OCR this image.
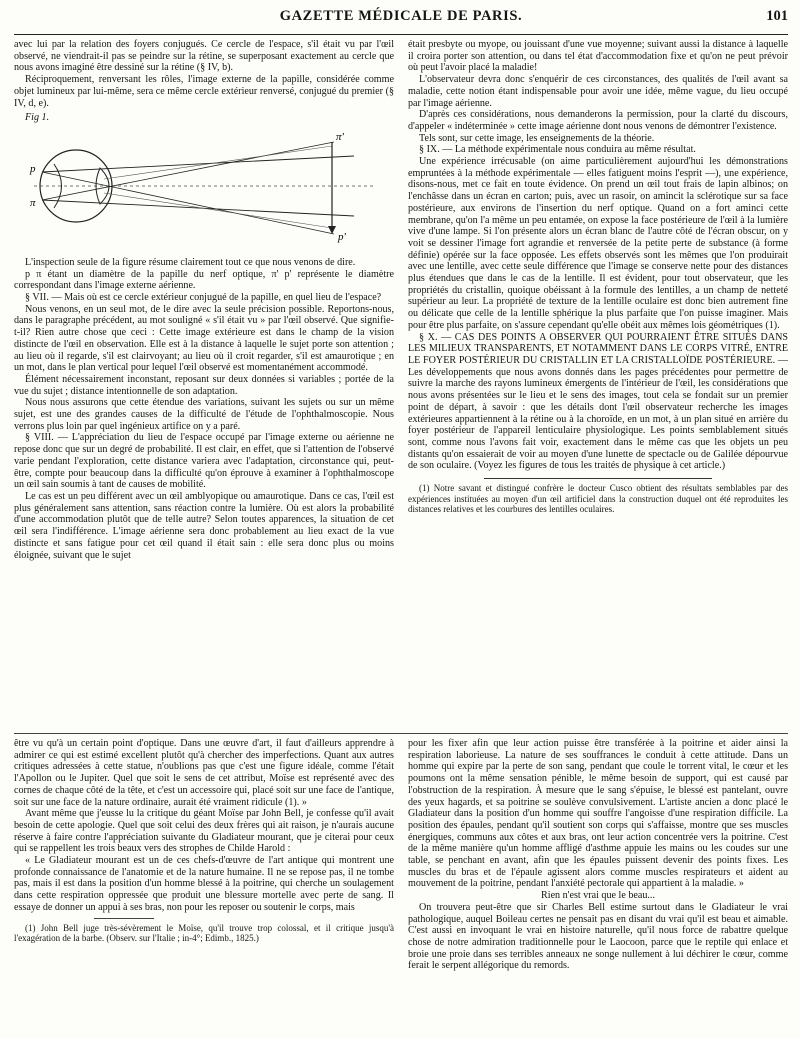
GAZETTE MÉDICALE DE PARIS.	101

avec lui par la relation des foyers conjugués. Ce cercle de l'espace, s'il était vu par l'œil observé, ne viendrait-il pas se peindre sur la rétine, se superposant exactement au cercle que nous avons imaginé être dessiné sur la rétine (§ IV, b).

Réciproquement, renversant les rôles, l'image externe de la papille, considérée comme objet lumineux par lui-même, sera ce même cercle extérieur renversé, conjugué du premier (§ IV, d, e).

Fig 1.

p
π'
π
p'

L'inspection seule de la figure résume clairement tout ce que nous venons de dire.

p π étant un diamètre de la papille du nerf optique, π' p' représente le diamètre correspondant dans l'image externe aérienne.

§ VII. — Mais où est ce cercle extérieur conjugué de la papille, en quel lieu de l'espace?

Nous venons, en un seul mot, de le dire avec la seule précision possible. Reportons-nous, dans le paragraphe précédent, au mot souligné « s'il était vu » par l'œil observé. Que signifie-t-il? Rien autre chose que ceci : Cette image extérieure est dans le champ de la vision distincte de l'œil en observation. Elle est à la distance à laquelle le sujet porte son attention ; au lieu où il regarde, s'il est clairvoyant; au lieu où il croit regarder, s'il est amaurotique ; en un mot, dans le plan vertical pour lequel l'œil observé est momentanément accommodé.

Élément nécessairement inconstant, reposant sur deux données si variables ; portée de la vue du sujet ; distance intentionnelle de son adaptation.

Nous nous assurons que cette étendue des variations, suivant les sujets ou sur un même sujet, est une des grandes causes de la difficulté de l'étude de l'ophthalmoscopie. Nous verrons plus loin par quel ingénieux artifice on y a paré.

§ VIII. — L'appréciation du lieu de l'espace occupé par l'image externe ou aérienne ne repose donc que sur un degré de probabilité. Il est clair, en effet, que si l'attention de l'observé varie pendant l'exploration, cette distance variera avec l'adaptation, circonstance qui, peut-être, compte pour beaucoup dans la difficulté qu'on éprouve à examiner à l'ophthalmoscope un œil sain soumis à tant de causes de mobilité.

Le cas est un peu différent avec un œil amblyopique ou amaurotique. Dans ce cas, l'œil est plus généralement sans attention, sans réaction contre la lumière. Où est alors la probabilité d'une accommodation plutôt que de telle autre? Selon toutes apparences, la situation de cet œil sera l'indifférence. L'image aérienne sera donc probablement au lieu exact de la vue distincte et sans fatigue pour cet œil quand il était sain : elle sera donc plus ou moins éloignée, suivant que le sujet

était presbyte ou myope, ou jouissant d'une vue moyenne; suivant aussi la distance à laquelle il croira porter son attention, ou dans tel état d'accommodation fixe et qu'on ne peut prévoir où peut l'avoir placé la maladie!

L'observateur devra donc s'enquérir de ces circonstances, des qualités de l'œil avant sa maladie, cette notion étant indispensable pour avoir une idée, même vague, du lieu occupé par l'image aérienne.

D'après ces considérations, nous demanderons la permission, pour la clarté du discours, d'appeler « indéterminée » cette image aérienne dont nous venons de démontrer l'existence.

Tels sont, sur cette image, les enseignements de la théorie.

§ IX. — La méthode expérimentale nous conduira au même résultat.

Une expérience irrécusable (on aime particulièrement aujourd'hui les démonstrations empruntées à la méthode expérimentale — elles fatiguent moins l'esprit —), une expérience, disons-nous, met ce fait en toute évidence. On prend un œil tout frais de lapin albinos; on l'enchâsse dans un écran en carton; puis, avec un rasoir, on amincit la sclérotique sur sa face postérieure, aux environs de l'insertion du nerf optique. Quand on a fort aminci cette membrane, qu'on l'a même un peu entamée, on expose la face postérieure de l'œil à la lumière vive d'une lampe. Si l'on présente alors un écran blanc de l'autre côté de l'écran obscur, on y voit se dessiner l'image fort agrandie et renversée de la petite perte de substance (à forme définie) opérée sur la face opposée. Les effets observés sont les mêmes que l'on produirait avec une lentille, avec cette seule différence que l'image se conserve nette pour des distances plus étendues que dans le cas de la lentille. Il est évident, pour tout observateur, que les propriétés du cristallin, quoique obéissant à la formule des lentilles, a un champ de netteté supérieur au leur. La propriété de texture de la lentille oculaire est donc bien autrement fine ou délicate que celle de la lentille sphérique la plus parfaite que l'on puisse imaginer. Mais pour être plus parfaite, on s'assure cependant qu'elle obéit aux mêmes lois géométriques (1).

§ X. — CAS DES POINTS A OBSERVER QUI POURRAIENT ÊTRE SITUÉS DANS LES MILIEUX TRANSPARENTS, ET NOTAMMENT DANS LE CORPS VITRÉ, ENTRE LE FOYER POSTÉRIEUR DU CRISTALLIN ET LA CRISTALLOÏDE POSTÉRIEURE. — Les développements que nous avons donnés dans les pages précédentes pour permettre de suivre la marche des rayons lumineux émergents de l'intérieur de l'œil, les considérations que nous avons présentées sur le lieu et le sens des images, tout cela se fondait sur un premier point de départ, à savoir : que les détails dont l'œil observateur recherche les images extérieures appartiennent à la rétine ou à la choroïde, en un mot, à un plan situé en arrière du foyer postérieur de l'appareil lenticulaire physiologique. Les points semblablement situés sont, comme nous l'avons fait voir, exactement dans le même cas que les objets un peu distants qu'on essaierait de voir au moyen d'une lunette de spectacle ou de Galilée dépourvue de son oculaire. (Voyez les figures de tous les traités de physique à cet article.)

(1) Notre savant et distingué confrère le docteur Cusco obtient des résultats semblables par des expériences instituées au moyen d'un œil artificiel dans la construction duquel ont été reproduites les distances relatives et les courbures des lentilles oculaires.

être vu qu'à un certain point d'optique. Dans une œuvre d'art, il faut d'ailleurs apprendre à admirer ce qui est estimé excellent plutôt qu'à chercher des imperfections. Quant aux autres critiques adressées à cette statue, n'oublions pas que c'est une figure idéale, comme l'était l'Apollon ou le Jupiter. Quel que soit le sens de cet attribut, Moïse est représenté avec des cornes de chaque côté de la tête, et c'est un accessoire qui, placé soit sur une face de l'antique, soit sur une face de la nature ordinaire, aurait été vraiment ridicule (1). »

Avant même que j'eusse lu la critique du géant Moïse par John Bell, je confesse qu'il avait besoin de cette apologie. Quel que soit celui des deux frères qui ait raison, je n'aurais aucune réserve à faire contre l'appréciation suivante du Gladiateur mourant, que je citerai pour ceux qui se rappellent les trois beaux vers des strophes de Childe Harold :

« Le Gladiateur mourant est un de ces chefs-d'œuvre de l'art antique qui montrent une profonde connaissance de l'anatomie et de la nature humaine. Il ne se repose pas, il ne tombe pas, mais il est dans la position d'un homme blessé à la poitrine, qui cherche un soulagement dans cette respiration oppressée que produit une blessure mortelle avec perte de sang. Il essaye de donner un appui à ses bras, non pour les reposer ou soutenir le corps, mais

(1) John Bell juge très-sévèrement le Moïse, qu'il trouve trop colossal, et il critique jusqu'à l'exagération de la barbe. (Observ. sur l'Italie ; in-4°; Edimb., 1825.)

pour les fixer afin que leur action puisse être transférée à la poitrine et aider ainsi la respiration laborieuse. La nature de ses souffrances le conduit à cette attitude. Dans un homme qui expire par la perte de son sang, pendant que coule le torrent vital, le cœur et les poumons ont la même sensation pénible, le même besoin de support, qui est causé par l'obstruction de la respiration. À mesure que le sang s'épuise, le blessé est pantelant, ouvre des yeux hagards, et sa poitrine se soulève convulsivement. L'artiste ancien a donc placé le Gladiateur dans la position d'un homme qui souffre l'angoisse d'une respiration difficile. La position des épaules, pendant qu'il soutient son corps qui s'affaisse, montre que ses muscles énergiques, communs aux côtes et aux bras, ont leur action concentrée vers la poitrine. C'est de la même manière qu'un homme affligé d'asthme appuie les mains ou les coudes sur une table, se penchant en avant, afin que les épaules puissent devenir des points fixes. Les muscles du bras et de l'épaule agissent alors comme muscles respirateurs et aident au mouvement de la poitrine, pendant l'anxiété pectorale qui appartient à la maladie. »

Rien n'est vrai que le beau...

On trouvera peut-être que sir Charles Bell estime surtout dans le Gladiateur le vrai pathologique, auquel Boileau certes ne pensait pas en disant du vrai qu'il est beau et aimable. C'est aussi en invoquant le vrai en histoire naturelle, qu'il nous force de rabattre quelque chose de notre admiration traditionnelle pour le Laocoon, parce que le reptile qui enlace et broie une proie dans ses terribles anneaux ne songe nullement à lui déchirer le cœur, comme ferait le serpent allégorique du remords.
